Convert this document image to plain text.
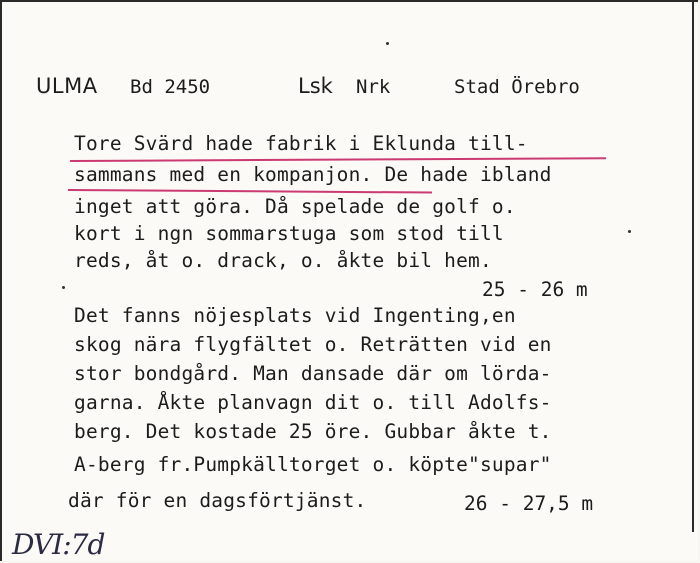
ULMA Bd 2450	Lsk Nrk	Stad Örebro
Tore Svärd hade fabrik i Eklunda till-
sammans med en kompanjon. De hade ibland
inget att göra. Då spelade de golf o.
kort i ngn sommarstuga som stod till
reds, åt o. drack, o. åkte bil hem.
25 - 26 m
Det fanns nöjesplats vid Ingenting,en
skog nära flygfältet o. Reträtten vid en
stor bondgård. Man dansade där om lörda-
garna. Åkte planvagn dit o. till Adolfs-
berg. Det kostade 25 öre. Gubbar åkte t.
A-berg fr.Pumpkälltorget o. köpte"supar"
där för en dagsförtjänst.	26 - 27,5 m
DVI:7d
